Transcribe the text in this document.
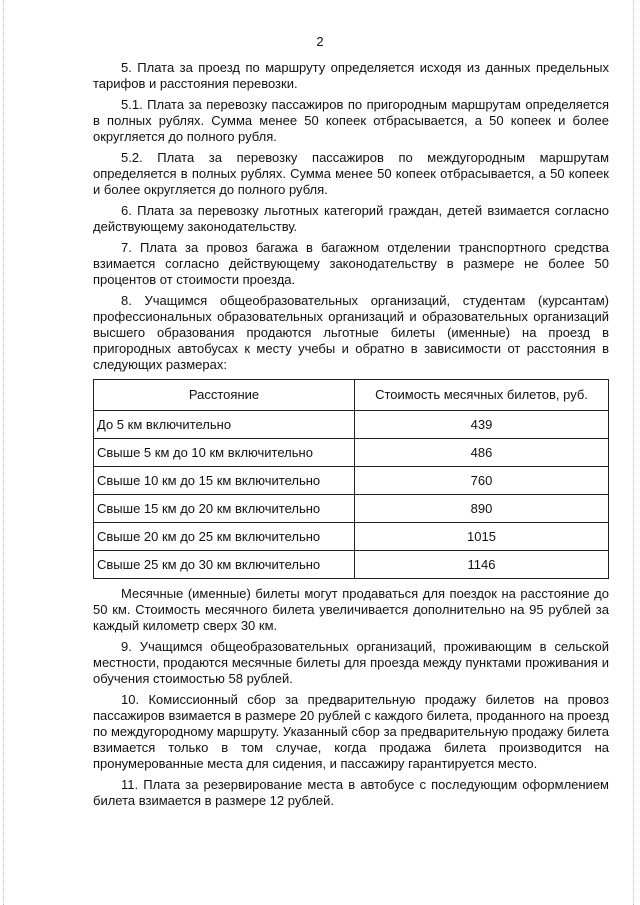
2

5. Плата за проезд по маршруту определяется исходя из данных предельных тарифов и расстояния перевозки.

5.1. Плата за перевозку пассажиров по пригородным маршрутам определяется в полных рублях. Сумма менее 50 копеек отбрасывается, а 50 копеек и более округляется до полного рубля.

5.2. Плата за перевозку пассажиров по междугородным маршрутам определяется в полных рублях. Сумма менее 50 копеек отбрасывается, а 50 копеек и более округляется до полного рубля.

6. Плата за перевозку льготных категорий граждан, детей взимается согласно действующему законодательству.

7. Плата за провоз багажа в багажном отделении транспортного средства взимается согласно действующему законодательству в размере не более 50 процентов от стоимости проезда.

8. Учащимся общеобразовательных организаций, студентам (курсантам) профессиональных образовательных организаций и образовательных организаций высшего образования продаются льготные билеты (именные) на проезд в пригородных автобусах к месту учебы и обратно в зависимости от расстояния в следующих размерах:

Расстояние	Стоимость месячных билетов, руб.
До 5 км включительно	439
Свыше 5 км до 10 км включительно	486
Свыше 10 км до 15 км включительно	760
Свыше 15 км до 20 км включительно	890
Свыше 20 км до 25 км включительно	1015
Свыше 25 км до 30 км включительно	1146

Месячные (именные) билеты могут продаваться для поездок на расстояние до 50 км. Стоимость месячного билета увеличивается дополнительно на 95 рублей за каждый километр сверх 30 км.

9. Учащимся общеобразовательных организаций, проживающим в сельской местности, продаются месячные билеты для проезда между пунктами проживания и обучения стоимостью 58 рублей.

10. Комиссионный сбор за предварительную продажу билетов на провоз пассажиров взимается в размере 20 рублей с каждого билета, проданного на проезд по междугородному маршруту. Указанный сбор за предварительную продажу билета взимается только в том случае, когда продажа билета производится на пронумерованные места для сидения, и пассажиру гарантируется место.

11. Плата за резервирование места в автобусе с последующим оформлением билета взимается в размере 12 рублей.
